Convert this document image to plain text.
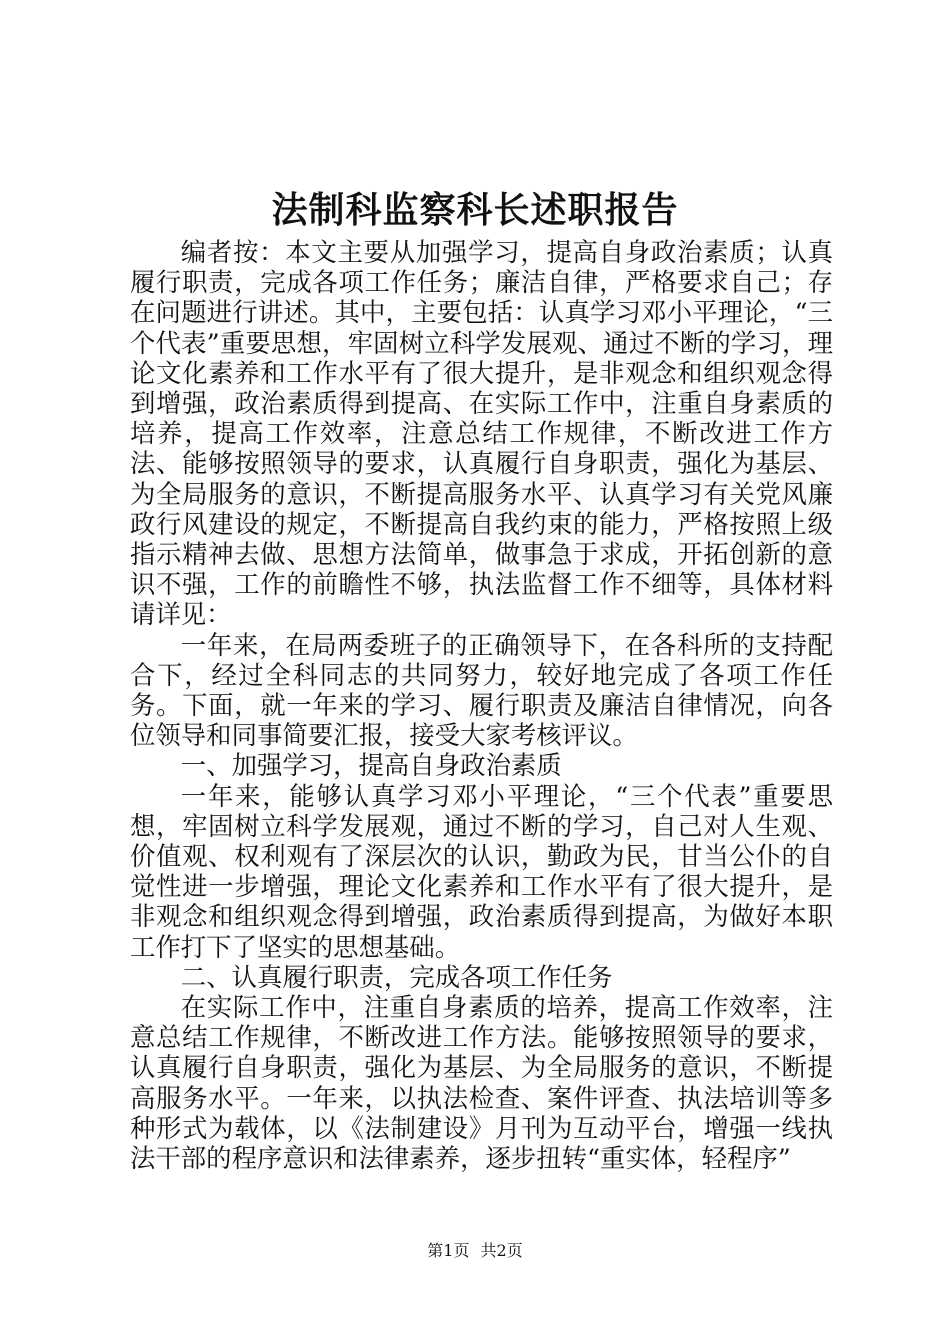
法制科监察科长述职报告

编者按：本文主要从加强学习，提高自身政治素质；认真履行职责，完成各项工作任务；廉洁自律，严格要求自己；存在问题进行讲述。其中，主要包括：认真学习邓小平理论，“三个代表”重要思想，牢固树立科学发展观、通过不断的学习，理论文化素养和工作水平有了很大提升，是非观念和组织观念得到增强，政治素质得到提高、在实际工作中，注重自身素质的培养，提高工作效率，注意总结工作规律，不断改进工作方法、能够按照领导的要求，认真履行自身职责，强化为基层、为全局服务的意识，不断提高服务水平、认真学习有关党风廉政行风建设的规定，不断提高自我约束的能力，严格按照上级指示精神去做、思想方法简单，做事急于求成，开拓创新的意识不强，工作的前瞻性不够，执法监督工作不细等，具体材料请详见：

一年来，在局两委班子的正确领导下，在各科所的支持配合下，经过全科同志的共同努力，较好地完成了各项工作任务。下面，就一年来的学习、履行职责及廉洁自律情况，向各位领导和同事简要汇报，接受大家考核评议。

一、加强学习，提高自身政治素质

一年来，能够认真学习邓小平理论，“三个代表”重要思想，牢固树立科学发展观，通过不断的学习，自己对人生观、价值观、权利观有了深层次的认识，勤政为民，甘当公仆的自觉性进一步增强，理论文化素养和工作水平有了很大提升，是非观念和组织观念得到增强，政治素质得到提高，为做好本职工作打下了坚实的思想基础。

二、认真履行职责，完成各项工作任务

在实际工作中，注重自身素质的培养，提高工作效率，注意总结工作规律，不断改进工作方法。能够按照领导的要求，认真履行自身职责，强化为基层、为全局服务的意识，不断提高服务水平。一年来，以执法检查、案件评查、执法培训等多种形式为载体，以《法制建设》月刊为互动平台，增强一线执法干部的程序意识和法律素养，逐步扭转“重实体，轻程序”

第1页 共2页
